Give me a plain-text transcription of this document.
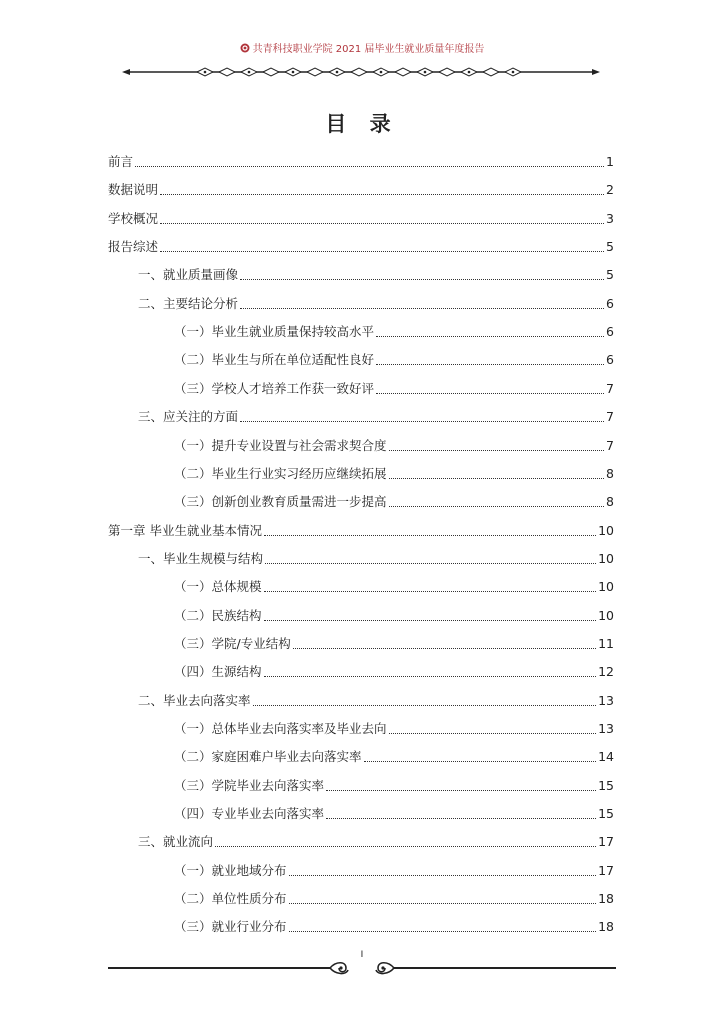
共青科技职业学院 2021 届毕业生就业质量年度报告
目 录
前言	1
数据说明	2
学校概况	3
报告综述	5
一、就业质量画像	5
二、主要结论分析	6
（一）毕业生就业质量保持较高水平	6
（二）毕业生与所在单位适配性良好	6
（三）学校人才培养工作获一致好评	7
三、应关注的方面	7
（一）提升专业设置与社会需求契合度	7
（二）毕业生行业实习经历应继续拓展	8
（三）创新创业教育质量需进一步提高	8
第一章 毕业生就业基本情况	10
一、毕业生规模与结构	10
（一）总体规模	10
（二）民族结构	10
（三）学院/专业结构	11
（四）生源结构	12
二、毕业去向落实率	13
（一）总体毕业去向落实率及毕业去向	13
（二）家庭困难户毕业去向落实率	14
（三）学院毕业去向落实率	15
（四）专业毕业去向落实率	15
三、就业流向	17
（一）就业地域分布	17
（二）单位性质分布	18
（三）就业行业分布	18
I
